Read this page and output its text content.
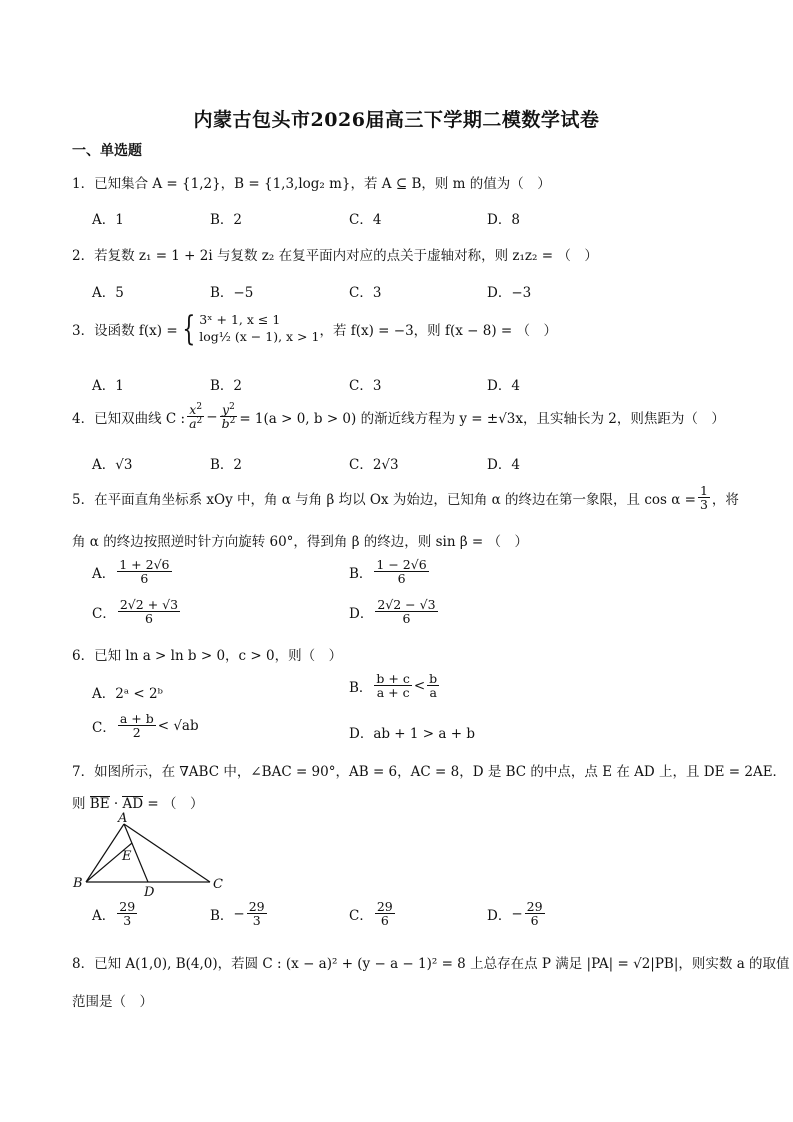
内蒙古包头市2026届高三下学期二模数学试卷
一、单选题
1．已知集合 A = {1,2}，B = {1,3,log₂ m}，若 A ⊆ B，则 m 的值为（　）
A．1	B．2	C．4	D．8
2．若复数 z₁ = 1 + 2i 与复数 z₂ 在复平面内对应的点关于虚轴对称，则 z₁z₂ = （　）
A．5	B．−5	C．3	D．−3
3． 设函数 f(x) = { 3ˣ + 1, x ≤ 1
log½ (x − 1), x > 1 ，若 f(x) = −3，则 f(x − 8) = （　）
A．1	B．2	C．3	D．4
4． 已知双曲线 C : $\frac{x^2}{a^2} - \frac{y^2}{b^2} = 1(a > 0$, b > 0) 的渐近线方程为 y = ±√3x，且实轴长为 2，则焦距为（　）
A．√3	B．2	C．2√3	D．4
5． 在平面直角坐标系 xOy 中，角 α 与角 β 均以 Ox 为始边，已知角 α 的终边在第一象限，且 $\cos \alpha = \frac{1}{3}$ ，将
角 α 的终边按照逆时针方向旋转 60°，得到角 β 的终边，则 sin β = （　）
A． $\frac{1 + 2√6}{6}$	B． $\frac{1 - 2√6}{6}$
C． $\frac{2√2 + √3}{6}$	D． $\frac{2√2 - √3}{6}$
6．已知 ln a > ln b > 0，c > 0，则（　）
A．2ᵃ < 2ᵇ	B． $\frac{b + c}{a + c} < \frac{b}{a}$
C． $\frac{a + b}{2} < √ab$
D．ab + 1 > a + b
7．如图所示，在 ∇ABC 中，∠BAC = 90°，AB = 6，AC = 8，D 是 BC 的中点，点 E 在 AD 上，且 DE = 2AE．
则 BE · AD = （　）
A
B	C
D
E
A． $\frac{29}{3}$	B． − $\frac{29}{3}$	C． $\frac{29}{6}$	D． − $\frac{29}{6}$
8．已知 A(1,0), B(4,0)，若圆 C : (x − a)² + (y − a − 1)² = 8 上总存在点 P 满足 |PA| = √2|PB|，则实数 a 的取值
范围是（　）
